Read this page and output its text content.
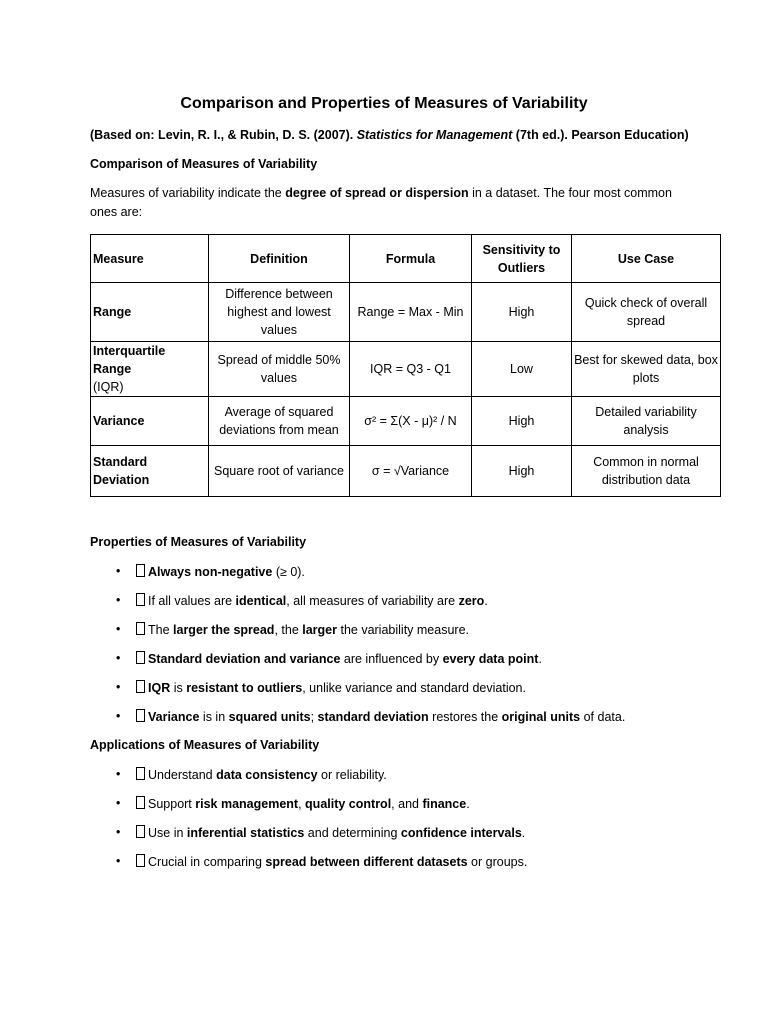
Comparison and Properties of Measures of Variability
(Based on: Levin, R. I., & Rubin, D. S. (2007). Statistics for Management (7th ed.). Pearson Education)
Comparison of Measures of Variability
Measures of variability indicate the degree of spread or dispersion in a dataset. The four most common
ones are:
Measure	Definition	Formula	Sensitivity to Outliers	Use Case
Range	Difference between highest and lowest values	Range = Max - Min	High	Quick check of overall spread
Interquartile Range
(IQR)	Spread of middle 50% values	IQR = Q3 - Q1	Low	Best for skewed data, box plots
Variance	Average of squared deviations from mean	σ² = Σ(X - μ)² / N	High	Detailed variability analysis
Standard Deviation	Square root of variance	σ = √Variance	High	Common in normal distribution data
Properties of Measures of Variability
•	Always non-negative (≥ 0).
•	If all values are identical, all measures of variability are zero.
•	The larger the spread, the larger the variability measure.
•	Standard deviation and variance are influenced by every data point.
•	IQR is resistant to outliers, unlike variance and standard deviation.
•	Variance is in squared units; standard deviation restores the original units of data.
Applications of Measures of Variability
•	Understand data consistency or reliability.
•	Support risk management, quality control, and finance.
•	Use in inferential statistics and determining confidence intervals.
•	Crucial in comparing spread between different datasets or groups.
